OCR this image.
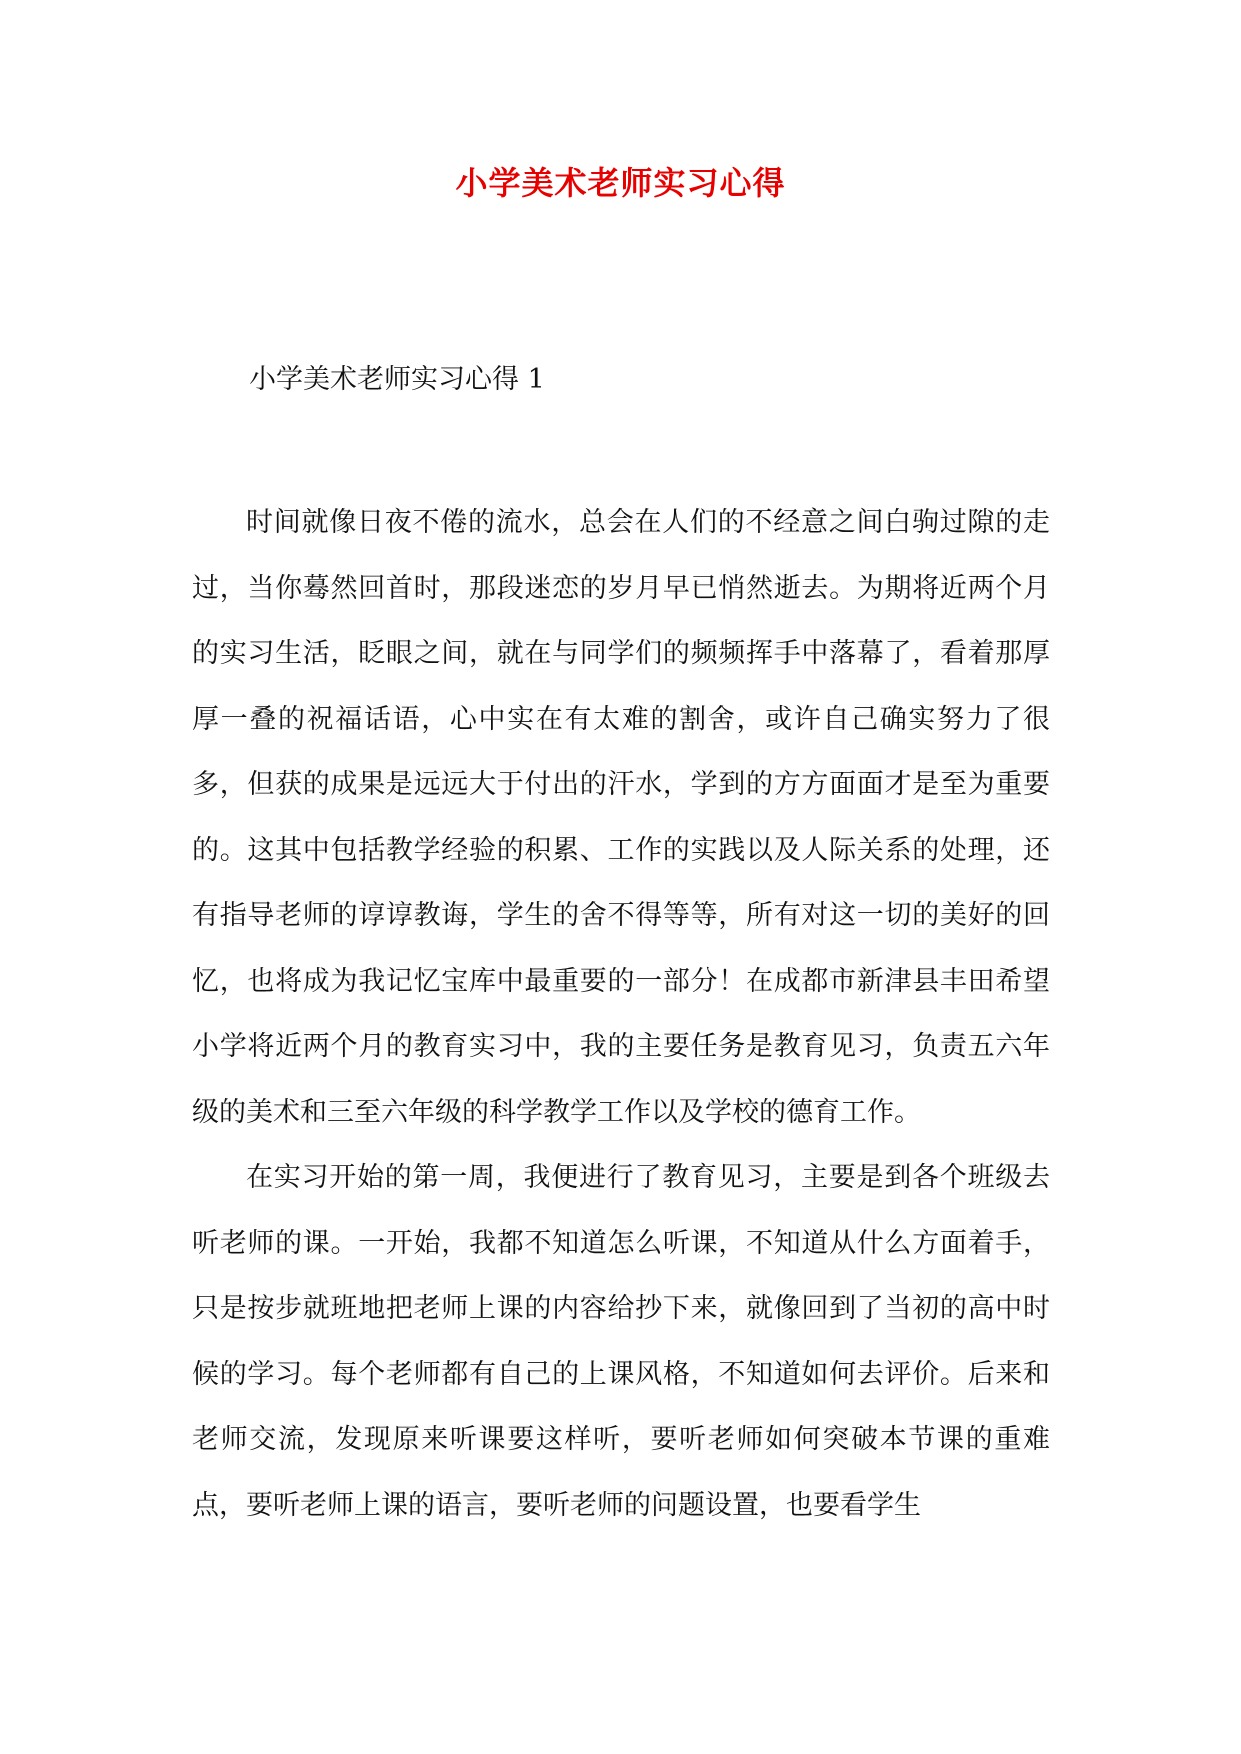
小学美术老师实习心得

小学美术老师实习心得 1

时间就像日夜不倦的流水，总会在人们的不经意之间白驹过隙的走过，当你蓦然回首时，那段迷恋的岁月早已悄然逝去。为期将近两个月的实习生活，眨眼之间，就在与同学们的频频挥手中落幕了，看着那厚厚一叠的祝福话语，心中实在有太难的割舍，或许自己确实努力了很多，但获的成果是远远大于付出的汗水，学到的方方面面才是至为重要的。这其中包括教学经验的积累、工作的实践以及人际关系的处理，还有指导老师的谆谆教诲，学生的舍不得等等，所有对这一切的美好的回忆，也将成为我记忆宝库中最重要的一部分！在成都市新津县丰田希望小学将近两个月的教育实习中，我的主要任务是教育见习，负责五六年级的美术和三至六年级的科学教学工作以及学校的德育工作。

在实习开始的第一周，我便进行了教育见习，主要是到各个班级去听老师的课。一开始，我都不知道怎么听课，不知道从什么方面着手，只是按步就班地把老师上课的内容给抄下来，就像回到了当初的高中时候的学习。每个老师都有自己的上课风格，不知道如何去评价。后来和老师交流，发现原来听课要这样听，要听老师如何突破本节课的重难点，要听老师上课的语言，要听老师的问题设置，也要看学生
